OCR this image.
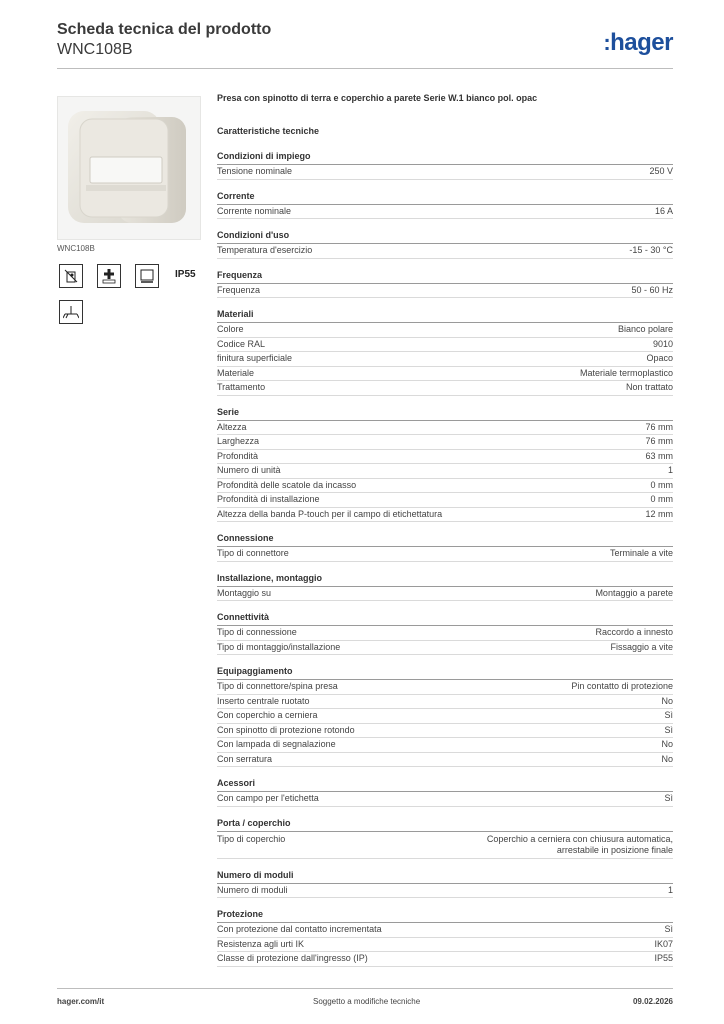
Scheda tecnica del prodotto
WNC108B	:hager
WNC108B
IP55
Presa con spinotto di terra e coperchio a parete Serie W.1 bianco pol. opac
Caratteristiche tecniche
Condizioni di impiego
Tensione nominale	250 V
Corrente
Corrente nominale	16 A
Condizioni d'uso
Temperatura d'esercizio	-15 - 30 °C
Frequenza
Frequenza	50 - 60 Hz
Materiali
Colore	Bianco polare
Codice RAL	9010
finitura superficiale	Opaco
Materiale	Materiale termoplastico
Trattamento	Non trattato
Serie
Altezza	76 mm
Larghezza	76 mm
Profondità	63 mm
Numero di unità	1
Profondità delle scatole da incasso	0 mm
Profondità di installazione	0 mm
Altezza della banda P-touch per il campo di etichettatura	12 mm
Connessione
Tipo di connettore	Terminale a vite
Installazione, montaggio
Montaggio su	Montaggio a parete
Connettività
Tipo di connessione	Raccordo a innesto
Tipo di montaggio/installazione	Fissaggio a vite
Equipaggiamento
Tipo di connettore/spina presa	Pin contatto di protezione
Inserto centrale ruotato	No
Con coperchio a cerniera	Sì
Con spinotto di protezione rotondo	Sì
Con lampada di segnalazione	No
Con serratura	No
Acessori
Con campo per l'etichetta	Sì
Porta / coperchio
Tipo di coperchio	Coperchio a cerniera con chiusura automatica,
arrestabile in posizione finale
Numero di moduli
Numero di moduli	1
Protezione
Con protezione dal contatto incrementata	Sì
Resistenza agli urti IK	IK07
Classe di protezione dall'ingresso (IP)	IP55
hager.com/it	Soggetto a modifiche tecniche	09.02.2026
